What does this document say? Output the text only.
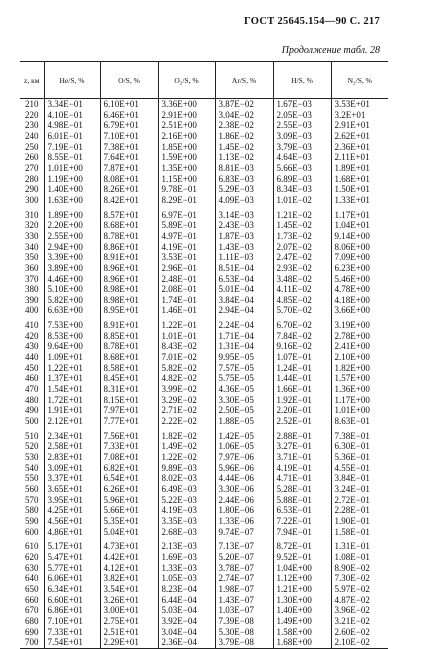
ГОСТ 25645.154—90 С. 217
Продолжение табл. 28
z, км	He/S, %	O/S, %	O₂/S, %	Ar/S, %	H/S, %	N₂/S, %
210	3.34E−01	6.10E+01	3.36E+00	3.87E−02	1.67E−03	3.53E+01
220	4.10E−01	6.46E+01	2.91E+00	3.04E−02	2.05E−03	3.2E+01
230	4.98E−01	6.79E+01	2.51E+00	2.38E−02	2.55E−03	2.91E+01
240	6.01E−01	7.10E+01	2.16E+00	1.86E−02	3.09E−03	2.62E+01
250	7.19E−01	7.38E+01	1.85E+00	1.45E−02	3.79E−03	2.36E+01
260	8.55E−01	7.64E+01	1.59E+00	1.13E−02	4.64E−03	2.11E+01
270	1.01E+00	7.87E+01	1.35E+00	8.81E−03	5.66E−03	1.89E+01
280	1.19E+00	8.08E+01	1.15E+00	6.83E−03	6.89E−03	1.68E+01
290	1.40E+00	8.26E+01	9.78E−01	5.29E−03	8.34E−03	1.50E+01
300	1.63E+00	8.42E+01	8.29E−01	4.09E−03	1.01E−02	1.33E+01
310	1.89E+00	8.57E+01	6.97E−01	3.14E−03	1.21E−02	1.17E+01
320	2.20E+00	8.68E+01	5.89E−01	2.43E−03	1.45E−02	1.04E+01
330	2.55E+00	8.78E+01	4.97E−01	1.87E−03	1.73E−02	9.14E+00
340	2.94E+00	8.86E+01	4.19E−01	1.43E−03	2.07E−02	8.06E+00
350	3.39E+00	8.91E+01	3.53E−01	1.11E−03	2.47E−02	7.09E+00
360	3.89E+00	8.96E+01	2.96E−01	8.51E−04	2.93E−02	6.23E+00
370	4.46E+00	8.96E+01	2.48E−01	6.53E−04	3.48E−02	5.46E+00
380	5.10E+00	8.98E+01	2.08E−01	5.01E−04	4.11E−02	4.78E+00
390	5.82E+00	8.98E+01	1.74E−01	3.84E−04	4.85E−02	4.18E+00
400	6.63E+00	8.95E+01	1.46E−01	2.94E−04	5.70E−02	3.66E+00
410	7.53E+00	8.91E+01	1.22E−01	2.24E−04	6.70E−02	3.19E+00
420	8.53E+00	8.85E+01	1.01E−01	1.71E−04	7.84E−02	2.78E+00
430	9.64E+00	8.78E+01	8.43E−02	1.31E−04	9.16E−02	2.41E+00
440	1.09E+01	8.68E+01	7.01E−02	9.95E−05	1.07E−01	2.10E+00
450	1.22E+01	8.58E+01	5.82E−02	7.57E−05	1.24E−01	1.82E+00
460	1.37E+01	8.45E+01	4.82E−02	5.75E−05	1.44E−01	1.57E+00
470	1.54E+01	8.31E+01	3.99E−02	4.36E−05	1.66E−01	1.36E+00
480	1.72E+01	8.15E+01	3.29E−02	3.30E−05	1.92E−01	1.17E+00
490	1.91E+01	7.97E+01	2.71E−02	2.50E−05	2.20E−01	1.01E+00
500	2.12E+01	7.77E+01	2.22E−02	1.88E−05	2.52E−01	8.63E−01
510	2.34E+01	7.56E+01	1.82E−02	1.42E−05	2.88E−01	7.38E−01
520	2.58E+01	7.33E+01	1.49E−02	1.06E−05	3.27E−01	6.30E−01
530	2.83E+01	7.08E+01	1.22E−02	7.97E−06	3.71E−01	5.36E−01
540	3.09E+01	6.82E+01	9.89E−03	5.96E−06	4.19E−01	4.55E−01
550	3.37E+01	6.54E+01	8.02E−03	4.44E−06	4.71E−01	3.84E−01
560	3.65E+01	6.26E+01	6.49E−03	3.30E−06	5.28E−01	3.24E−01
570	3.95E+01	5.96E+01	5.22E−03	2.44E−06	5.88E−01	2.72E−01
580	4.25E+01	5.66E+01	4.19E−03	1.80E−06	6.53E−01	2.28E−01
590	4.56E+01	5.35E+01	3.35E−03	1.33E−06	7.22E−01	1.90E−01
600	4.86E+01	5.04E+01	2.68E−03	9.74E−07	7.94E−01	1.58E−01
610	5.17E+01	4.73E+01	2.13E−03	7.13E−07	8.72E−01	1.31E−01
620	5.47E+01	4.42E+01	1.69E−03	5.20E−07	9.52E−01	1.08E−01
630	5.77E+01	4.12E+01	1.33E−03	3.78E−07	1.04E+00	8.90E−02
640	6.06E+01	3.82E+01	1.05E−03	2.74E−07	1.12E+00	7.30E−02
650	6.34E+01	3.54E+01	8.23E−04	1.98E−07	1.21E+00	5.97E−02
660	6.60E+01	3.26E+01	6.44E−04	1.43E−07	1.30E+00	4.87E−02
670	6.86E+01	3.00E+01	5.03E−04	1.03E−07	1.40E+00	3.96E−02
680	7.10E+01	2.75E+01	3.92E−04	7.39E−08	1.49E+00	3.21E−02
690	7.33E+01	2.51E+01	3.04E−04	5.30E−08	1.58E+00	2.60E−02
700	7.54E+01	2.29E+01	2.36E−04	3.79E−08	1.68E+00	2.10E−02
